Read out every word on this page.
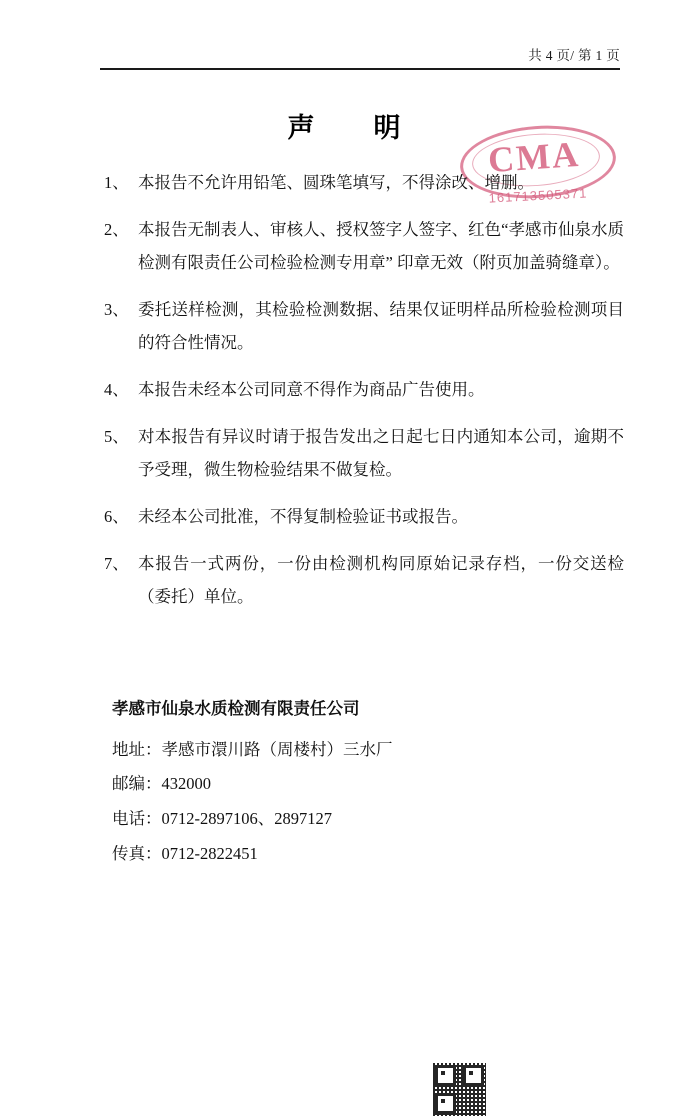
共 4 页/ 第 1 页
声　明
CMA
161713505371
1、 本报告不允许用铅笔、圆珠笔填写，不得涂改、增删。
2、 本报告无制表人、审核人、授权签字人签字、红色“孝感市仙泉水质检测有限责任公司检验检测专用章” 印章无效（附页加盖骑缝章）。
3、 委托送样检测，其检验检测数据、结果仅证明样品所检验检测项目的符合性情况。
4、 本报告未经本公司同意不得作为商品广告使用。
5、 对本报告有异议时请于报告发出之日起七日内通知本公司，逾期不予受理，微生物检验结果不做复检。
6、 未经本公司批准，不得复制检验证书或报告。
7、 本报告一式两份，一份由检测机构同原始记录存档，一份交送检（委托）单位。
孝感市仙泉水质检测有限责任公司
地址：孝感市澴川路（周楼村）三水厂
邮编：432000
电话：0712-2897106、2897127
传真：0712-2822451
